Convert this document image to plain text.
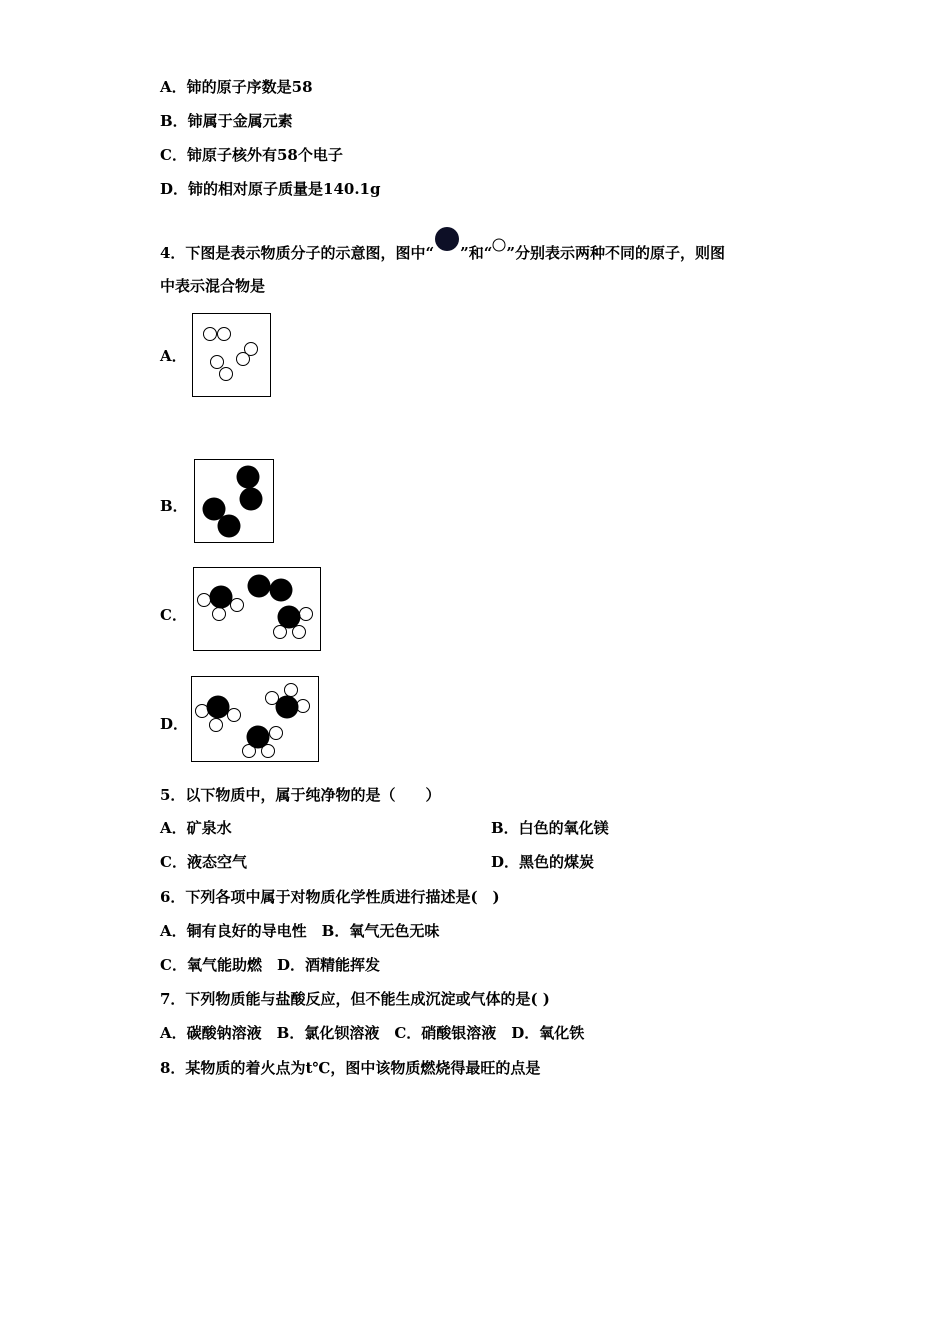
A．铈的原子序数是58
B．铈属于金属元素
C．铈原子核外有58个电子
D．铈的相对原子质量是140.1g
4．下图是表示物质分子的示意图，图中“ ”和“ ”分别表示两种不同的原子，则图
中表示混合物是
A．
B．
C．
D．
5．以下物质中，属于纯净物的是（　　）
A．矿泉水	B．白色的氧化镁
C．液态空气	D．黑色的煤炭
6．下列各项中属于对物质化学性质进行描述是(　)
A．铜有良好的导电性　B．氧气无色无味
C．氧气能助燃　D．酒精能挥发
7．下列物质能与盐酸反应，但不能生成沉淀或气体的是( )
A．碳酸钠溶液　B．氯化钡溶液　C．硝酸银溶液　D．氧化铁
8．某物质的着火点为t℃，图中该物质燃烧得最旺的点是
